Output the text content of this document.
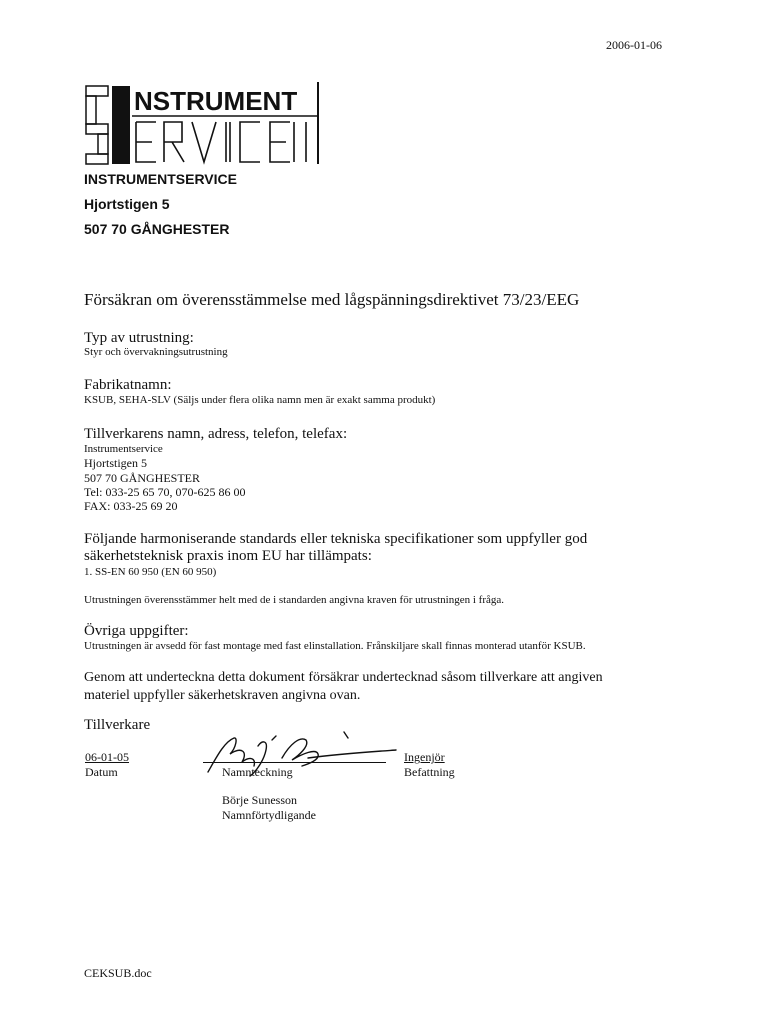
2006-01-06
NSTRUMENT
INSTRUMENTSERVICE
Hjortstigen 5
507 70 GÅNGHESTER
Försäkran om överensstämmelse med lågspänningsdirektivet 73/23/EEG
Typ av utrustning:
Styr och övervakningsutrustning
Fabrikatnamn:
KSUB, SEHA-SLV (Säljs under flera olika namn men är exakt samma produkt)
Tillverkarens namn, adress, telefon, telefax:
Instrumentservice
Hjortstigen 5
507 70 GÅNGHESTER
Tel: 033-25 65 70, 070-625 86 00
FAX: 033-25 69 20
Följande harmoniserande standards eller tekniska specifikationer som uppfyller god
säkerhetsteknisk praxis inom EU har tillämpats:
1. SS-EN 60 950 (EN 60 950)
Utrustningen överensstämmer helt med de i standarden angivna kraven för utrustningen i fråga.
Övriga uppgifter:
Utrustningen är avsedd för fast montage med fast elinstallation. Frånskiljare skall finnas monterad utanför KSUB.
Genom att underteckna detta dokument försäkrar undertecknad såsom tillverkare att angiven
materiel uppfyller säkerhetskraven angivna ovan.
Tillverkare
06-01-05
Datum	Namnteckning
Ingenjör
Befattning
Börje Sunesson
Namnförtydligande
CEKSUB.doc
